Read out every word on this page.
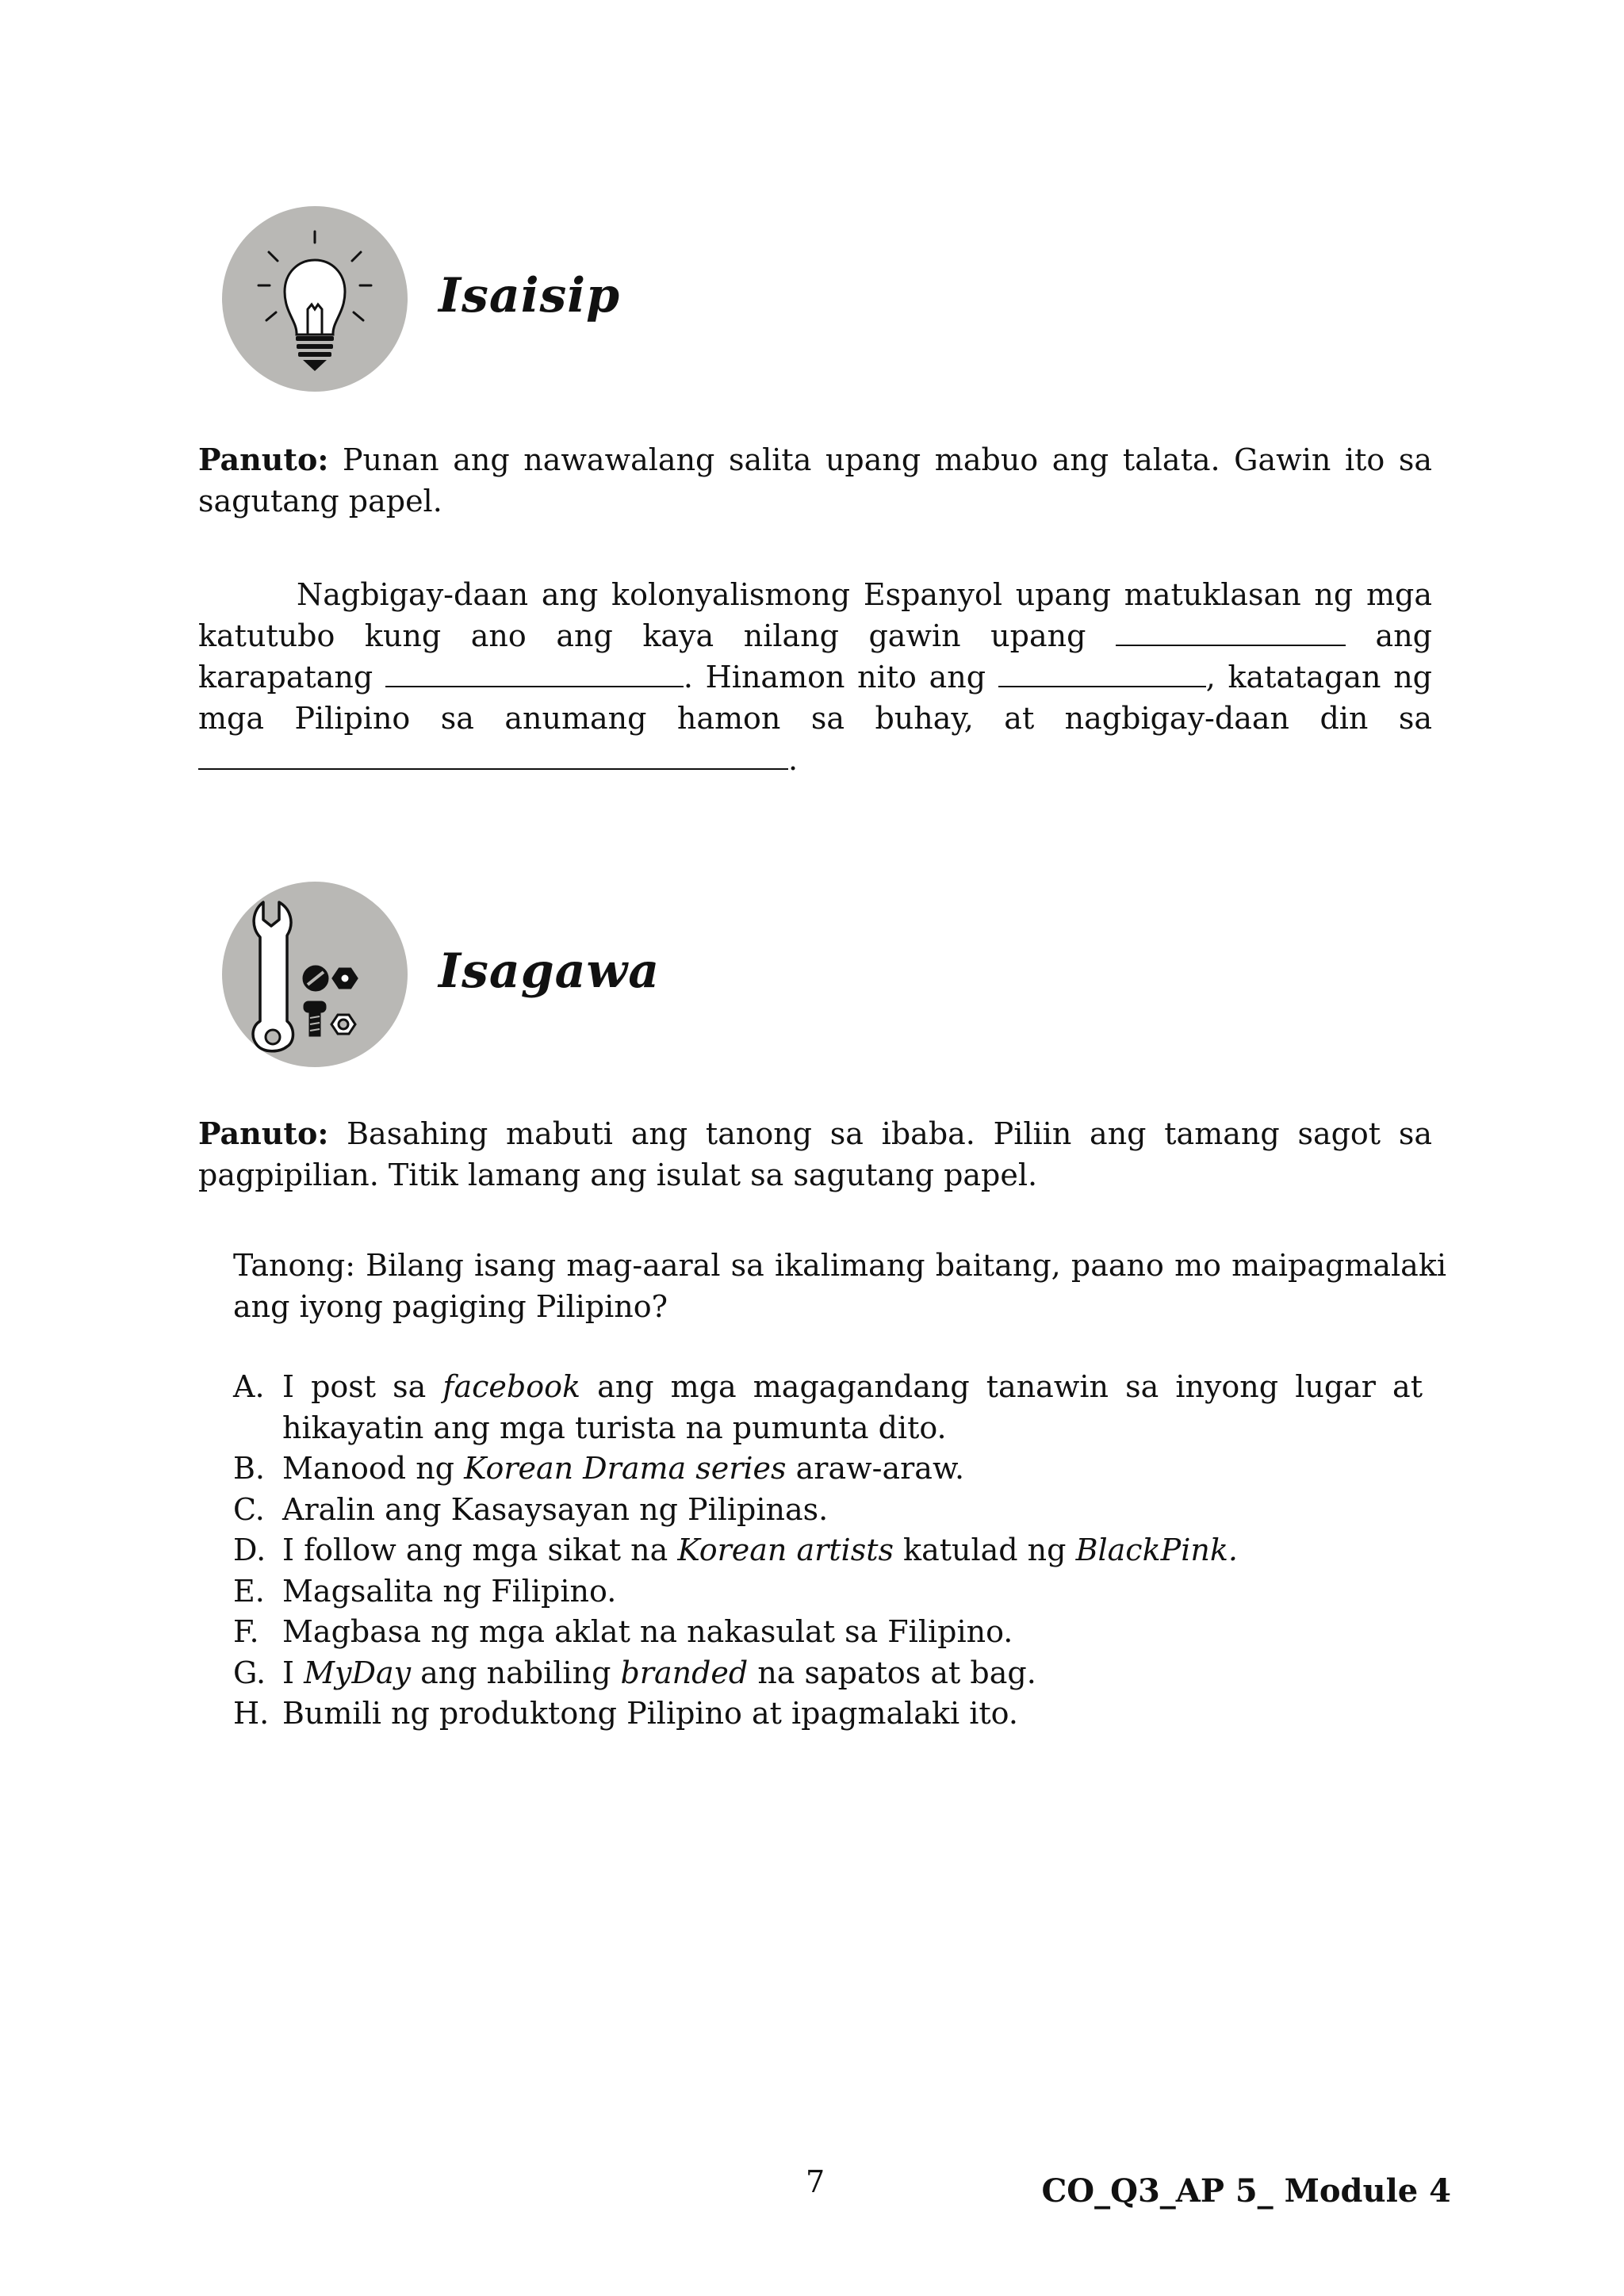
Isaisip

Panuto: Punan ang nawawalang salita upang mabuo ang talata. Gawin ito sa sagutang papel.

Nagbigay-daan ang kolonyalismong Espanyol upang matuklasan ng mga katutubo kung ano ang kaya nilang gawin upang	ang karapatang	. Hinamon nito ang	, katatagan ng mga Pilipino sa anumang hamon sa buhay, at nagbigay-daan din sa .

Isagawa

Panuto: Basahing mabuti ang tanong sa ibaba. Piliin ang tamang sagot sa pagpipilian. Titik lamang ang isulat sa sagutang papel.

Tanong: Bilang isang mag-aaral sa ikalimang baitang, paano mo maipagmalaki ang iyong pagiging Pilipino?

A. I post sa facebook ang mga magagandang tanawin sa inyong lugar at hikayatin ang mga turista na pumunta dito.
B. Manood ng Korean Drama series araw-araw.
C. Aralin ang Kasaysayan ng Pilipinas.
D. I follow ang mga sikat na Korean artists katulad ng BlackPink.
E. Magsalita ng Filipino.
F. Magbasa ng mga aklat na nakasulat sa Filipino.
G. I MyDay ang nabiling branded na sapatos at bag.
H. Bumili ng produktong Pilipino at ipagmalaki ito.
7	CO_Q3_AP 5_ Module 4
